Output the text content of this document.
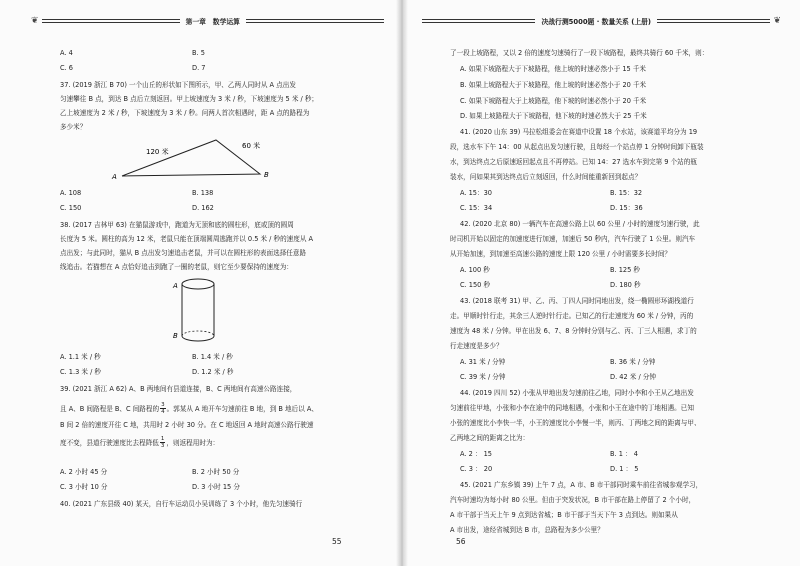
❦	第一章　数学运算
A. 4	B. 5
C. 6	D. 7
37. (2019 浙江 B 70) 一个山丘的形状如下图所示，甲、乙两人同时从 A 点出发
匀速攀往 B 点，到达 B 点后立刻返回。甲上坡速度为 3 米 / 秒，下坡速度为 5 米 / 秒；
乙上坡速度为 2 米 / 秒，下坡速度为 3 米 / 秒。问两人首次相遇时，距 A 点的路程为
多少米？
A	B
120 米
60 米
A. 108	B. 138
C. 150	D. 162
38. (2017 吉林甲 63) 在猫鼠游戏中，跑道为无顶和底的圆柱形，底或顶的圆周
长度为 5 米。圆柱的高为 12 米，老鼠只能在顶端圆周逃跑并以 0.5 米 / 秒的速度从 A
点出发；与此同时，猫从 B 点出发匀速追击老鼠，并可以在圆柱形的表面选择任意路
线追击。若猫想在 A 点恰好追击到跑了一圈的老鼠，则它至少要保持的速度为：
A
B
A. 1.1 米 / 秒	B. 1.4 米 / 秒
C. 1.3 米 / 秒	D. 1.2 米 / 秒
39. (2021 浙江 A 62) A、B 两地间有县道连接，B、C 两地间有高速公路连接，
且 A、B 间路程是 B、C 间路程的 3
4 。郭某从 A 地开车匀速前往 B 地，到 B 地后以 A、
B 间 2 倍的速度开往 C 地，共用时 2 小时 30 分。在 C 地返回 A 地时高速公路行驶速
度不变，县道行驶速度比去程降低 1
3 ，则返程用时为：
A. 2 小时 45 分	B. 2 小时 50 分
C. 3 小时 10 分	D. 3 小时 15 分
40. (2021 广东县级 40) 某天，自行车运动员小吴训练了 3 个小时，他先匀速骑行
55
决战行测5000题 · 数量关系 (上册)	❦
了一段上坡路程，又以 2 倍的速度匀速骑行了一段下坡路程，最终共骑行 60 千米，则：
A. 如果下坡路程大于下坡路程，他上坡的时速必然小于 15 千米
B. 如果上坡路程大于下坡路程，他上坡的时速必然小于 20 千米
C. 如果下坡路程大于上坡路程，他下坡的时速必然小于 20 千米
D. 如果上坡路程大于下坡路程，他下坡的时速必然大于 25 千米
41. (2020 山东 39) 马拉松组委会在赛道中设置 18 个水站，该赛道平均分为 19
段，选水车下午 14：00 从起点出发匀速行驶，且每经一个站点停 1 分钟时间卸下瓶装
水，到达终点之后原速返回起点且不再停站。已知 14：27 选水车到完第 9 个站的瓶
装水，问如果其到达终点后立刻返回，什么时间能重新回到起点？
A. 15：30	B. 15：32
C. 15：34	D. 15：36
42. (2020 北京 80) 一辆汽车在高速公路上以 60 公里 / 小时的速度匀速行驶，此
时司机开始以固定的加速度进行加速，加速后 50 秒内，汽车行驶了 1 公里。则汽车
从开始加速，到加速至高速公路的速度上限 120 公里 / 小时需要多长时间？
A. 100 秒	B. 125 秒
C. 150 秒	D. 180 秒
43. (2018 联考 31) 甲、乙、丙、丁四人同时同地出发，绕一椭圆形环湖栈道行
走。甲顺时针行走，其余三人逆时针行走。已知乙的行走速度为 60 米 / 分钟，丙的
速度为 48 米 / 分钟。甲在出发 6、7、8 分钟时分别与乙、丙、丁三人相遇，求丁的
行走速度是多少？
A. 31 米 / 分钟	B. 36 米 / 分钟
C. 39 米 / 分钟	D. 42 米 / 分钟
44. (2019 四川 52) 小张从甲地出发匀速前往乙地，同时小李和小王从乙地出发
匀速前往甲地，小张和小李在途中的同地相遇，小张和小王在途中的丁地相遇。已知
小张的速度比小李快一半，小王的速度比小李慢一半，则丙、丁两地之间的距离与甲、
乙两地之间的距离之比为：
A. 2 ： 15	B. 1 ： 4
C. 3 ： 20	D. 1 ： 5
45. (2021 广东乡镇 39) 上午 7 点，A 市、B 市干部同时乘车前往省城参观学习，
汽车时速均为每小时 80 公里。但由于突发状况，B 市干部在路上停留了 2 个小时，
A 市干部于当天上午 9 点到达省城；B 市干部于当天下午 3 点到达。则如果从
A 市出发，途经省城到达 B 市，总路程为多少公里？
56
